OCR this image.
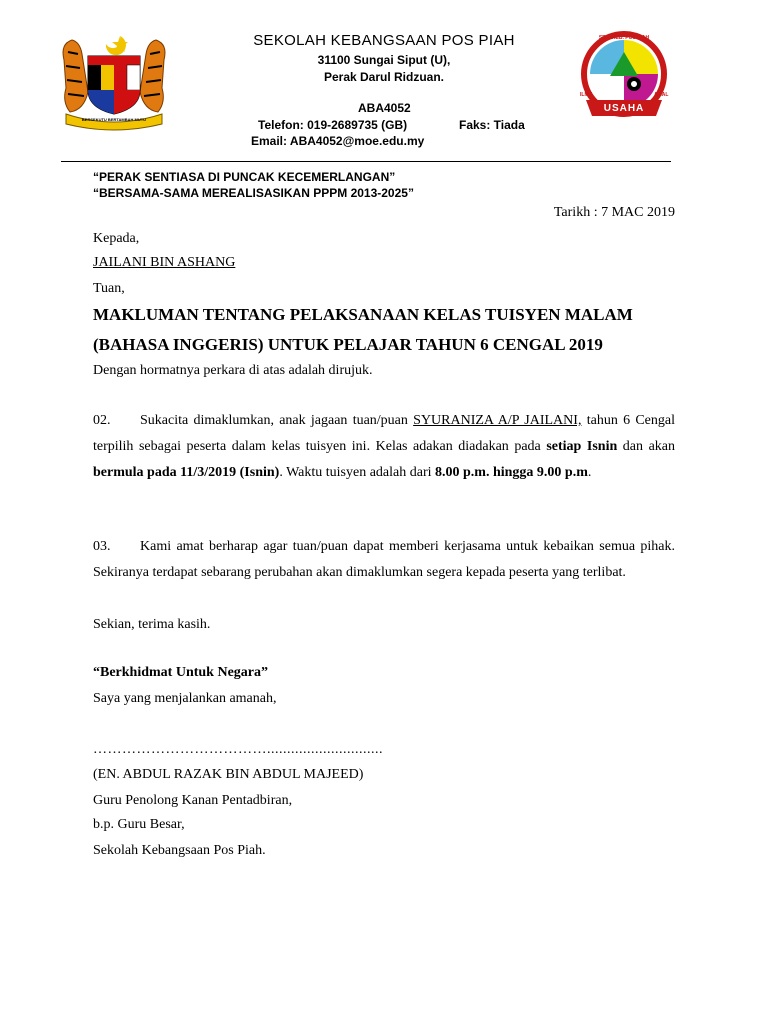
BERSEKUTU BERTAMBAH MUTU
SEK. KEB. POS PIAH
ILMU	AMAL
USAHA
SEKOLAH KEBANGSAAN POS PIAH
31100 Sungai Siput (U),
Perak Darul Ridzuan.
ABA4052
Telefon: 019-2689735 (GB)	Faks: Tiada
Email: ABA4052@moe.edu.my
“PERAK SENTIASA DI PUNCAK KECEMERLANGAN”
“BERSAMA-SAMA MEREALISASIKAN PPPM 2013-2025”
Tarikh : 7 MAC 2019
Kepada,
JAILANI BIN ASHANG
Tuan,
MAKLUMAN TENTANG PELAKSANAAN KELAS TUISYEN MALAM (BAHASA INGGERIS) UNTUK PELAJAR TAHUN 6 CENGAL 2019
Dengan hormatnya perkara di atas adalah dirujuk.
02. Sukacita dimaklumkan, anak jagaan tuan/puan SYURANIZA A/P JAILANI, tahun 6 Cengal terpilih sebagai peserta dalam kelas tuisyen ini. Kelas adakan diadakan pada setiap Isnin dan akan bermula pada 11/3/2019 (Isnin). Waktu tuisyen adalah dari 8.00 p.m. hingga 9.00 p.m.
03. Kami amat berharap agar tuan/puan dapat memberi kerjasama untuk kebaikan semua pihak. Sekiranya terdapat sebarang perubahan akan dimaklumkan segera kepada peserta yang terlibat.
Sekian, terima kasih.
“Berkhidmat Untuk Negara”
Saya yang menjalankan amanah,
……………………………….............................
(EN. ABDUL RAZAK BIN ABDUL MAJEED)
Guru Penolong Kanan Pentadbiran,
b.p. Guru Besar,
Sekolah Kebangsaan Pos Piah.
